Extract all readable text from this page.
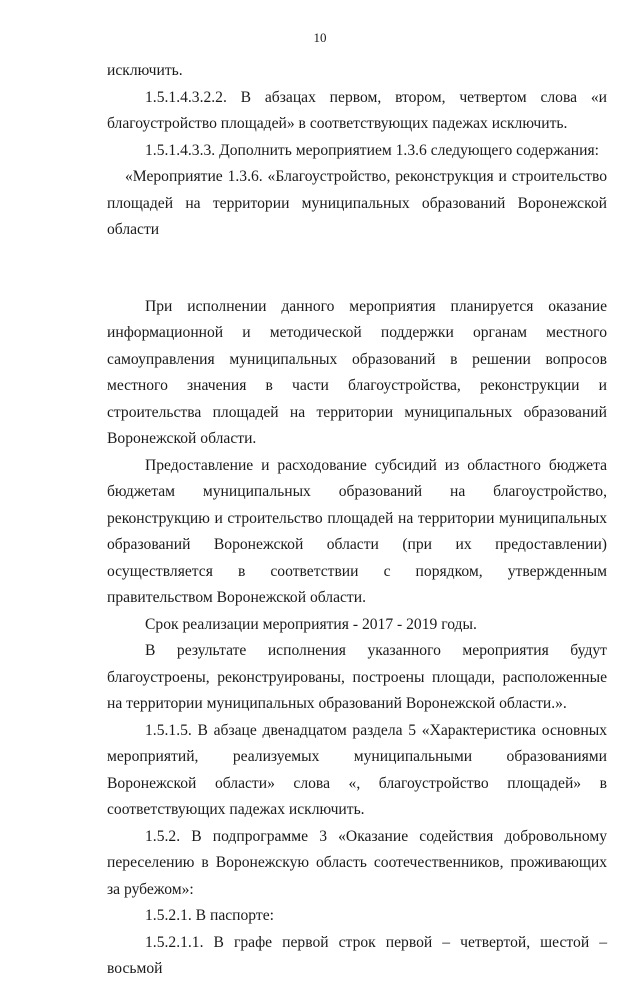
10

исключить.

1.5.1.4.3.2.2. В абзацах первом, втором, четвертом слова «и благоустройство площадей» в соответствующих падежах исключить.

1.5.1.4.3.3. Дополнить мероприятием 1.3.6 следующего содержания:

«Мероприятие 1.3.6. «Благоустройство, реконструкция и строительство площадей на территории муниципальных образований Воронежской области

При исполнении данного мероприятия планируется оказание информационной и методической поддержки органам местного самоуправления муниципальных образований в решении вопросов местного значения в части благоустройства, реконструкции и строительства площадей на территории муниципальных образований Воронежской области.

Предоставление и расходование субсидий из областного бюджета бюджетам муниципальных образований на благоустройство, реконструкцию и строительство площадей на территории муниципальных образований Воронежской области (при их предоставлении) осуществляется в соответствии с порядком, утвержденным правительством Воронежской области.

Срок реализации мероприятия - 2017 - 2019 годы.

В результате исполнения указанного мероприятия будут благоустроены, реконструированы, построены площади, расположенные на территории муниципальных образований Воронежской области.».

1.5.1.5. В абзаце двенадцатом раздела 5 «Характеристика основных мероприятий, реализуемых муниципальными образованиями Воронежской области» слова «, благоустройство площадей» в соответствующих падежах исключить.

1.5.2. В подпрограмме 3 «Оказание содействия добровольному переселению в Воронежскую область соотечественников, проживающих за рубежом»:

1.5.2.1. В паспорте:

1.5.2.1.1. В графе первой строк первой – четвертой, шестой – восьмой
